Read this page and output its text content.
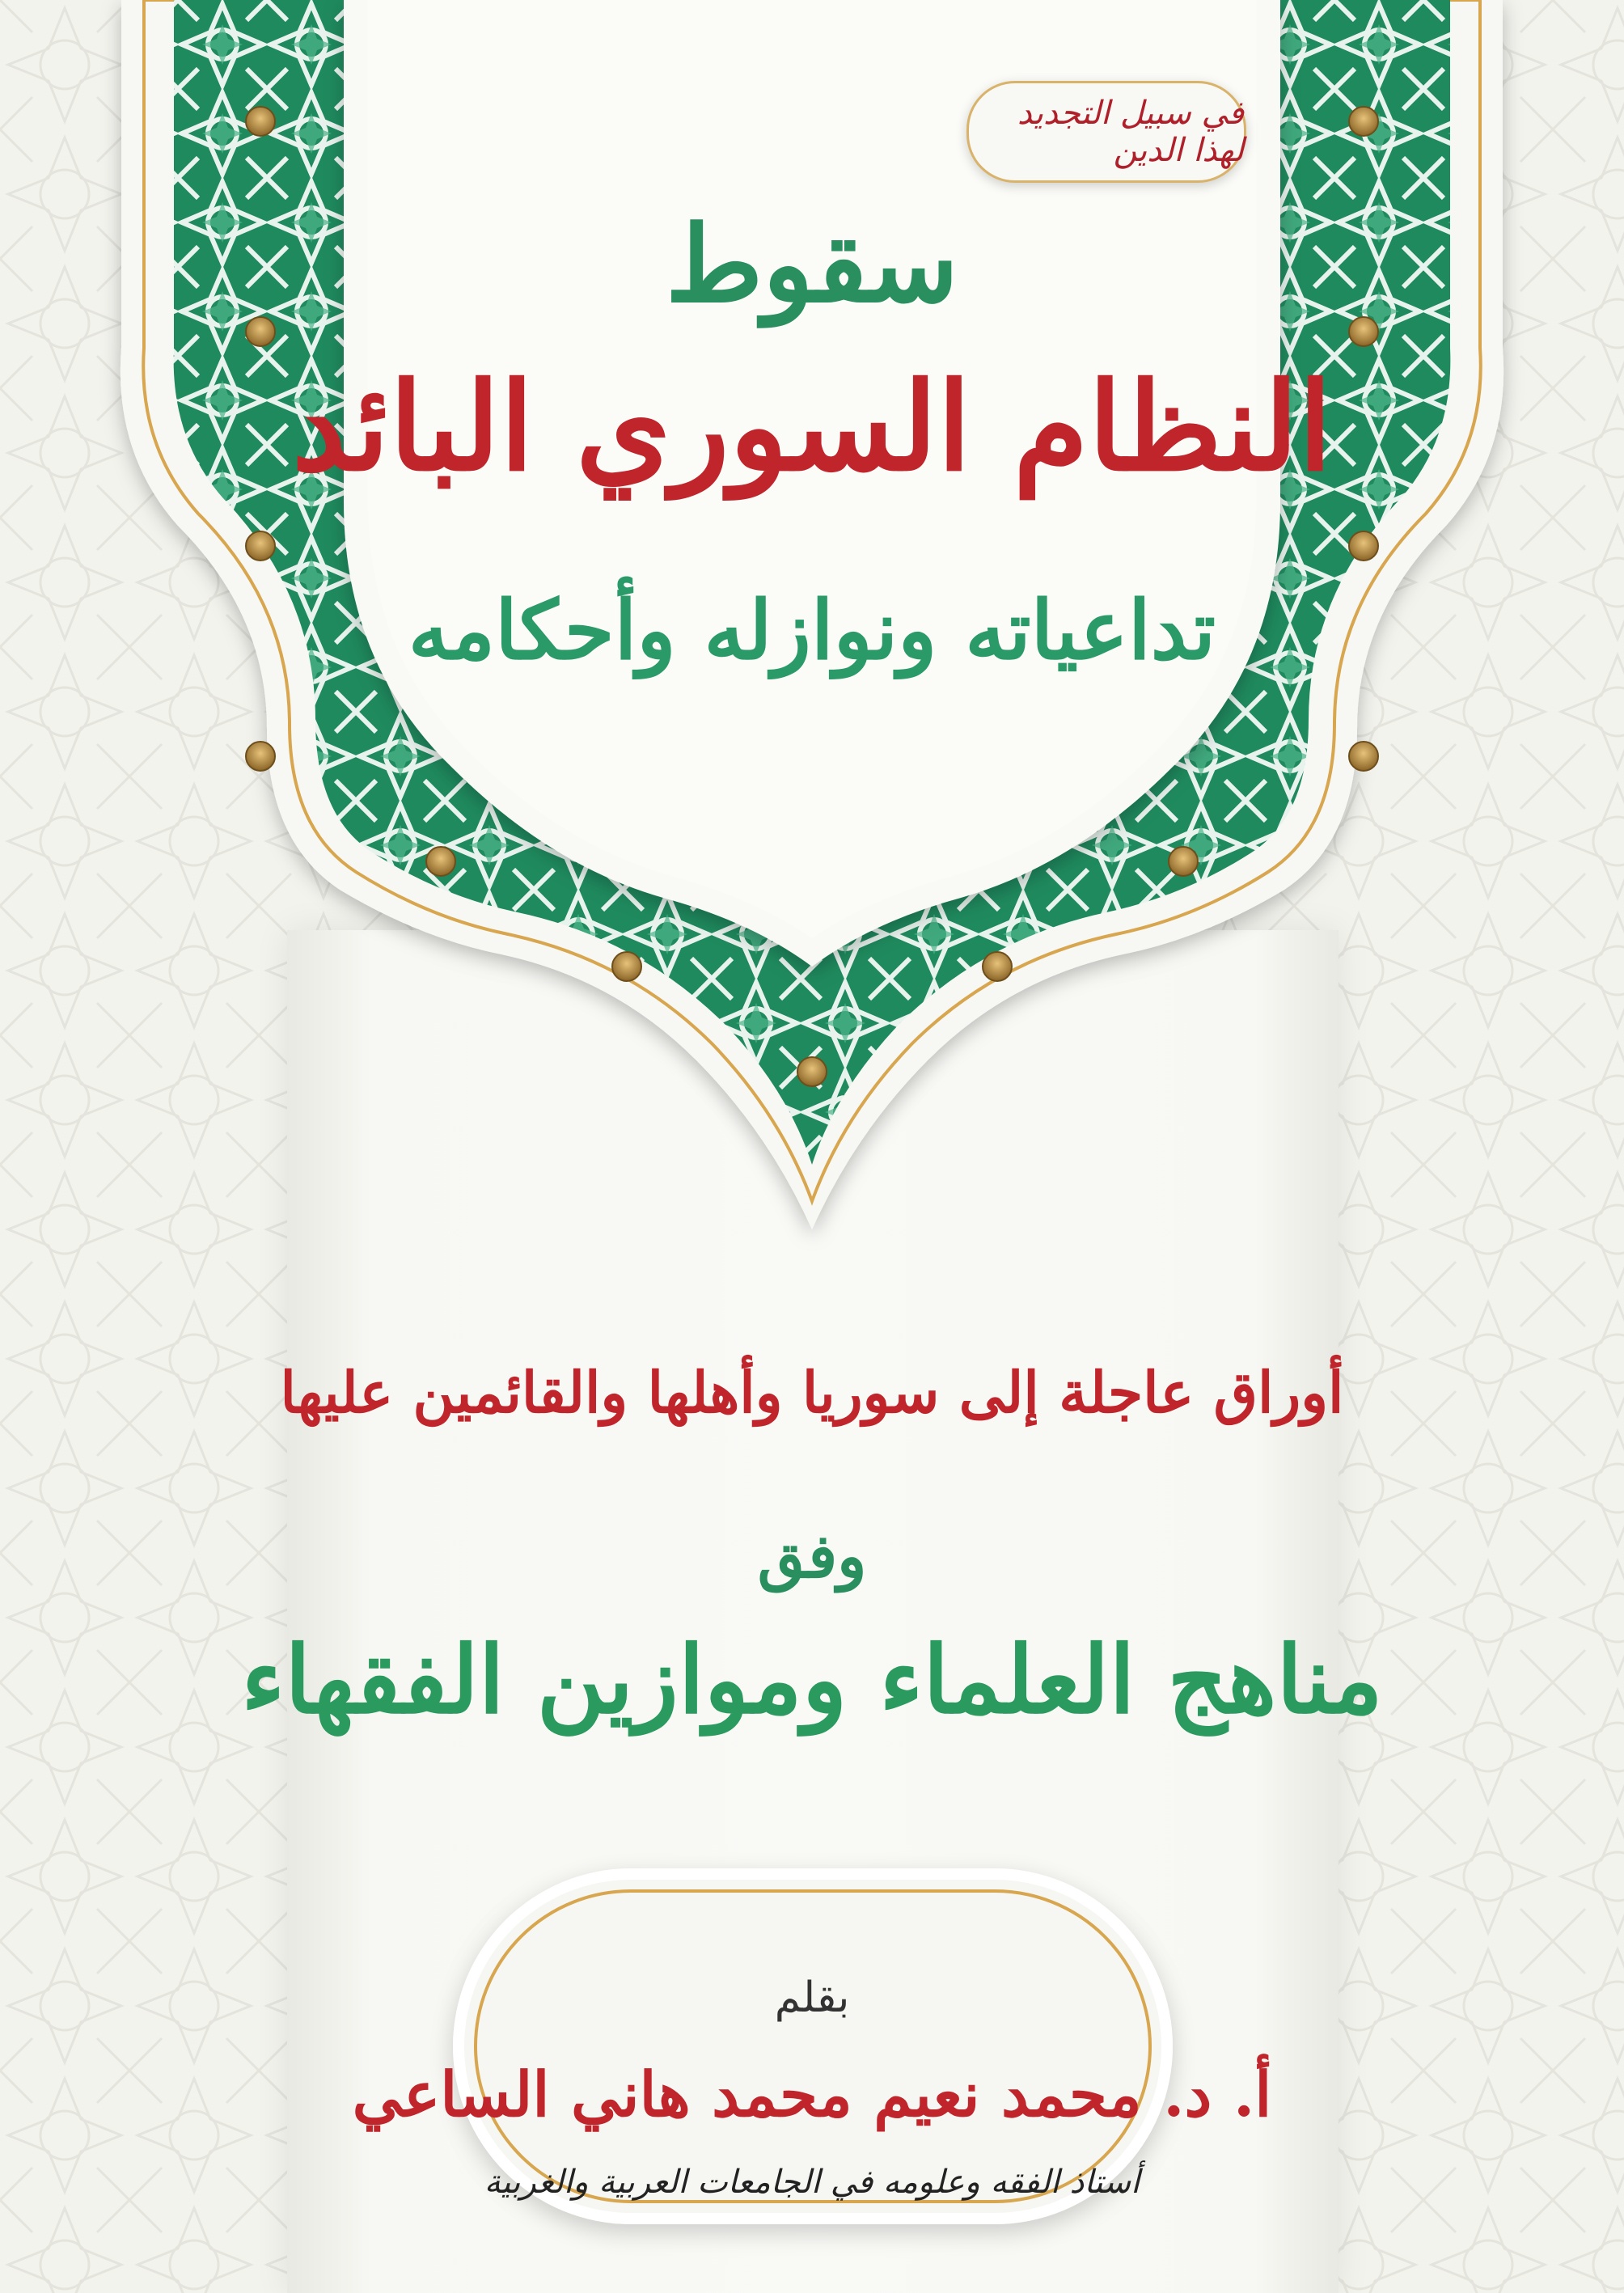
في سبيل التجديد لهذا الدين
سقوط
النظام السوري البائد
تداعياته ونوازله وأحكامه
أوراق عاجلة إلى سوريا وأهلها والقائمين عليها
وفق
مناهج العلماء وموازين الفقهاء
بقلم
أ. د. محمد نعيم محمد هاني الساعي
أستاذ الفقه وعلومه في الجامعات العربية والغربية
